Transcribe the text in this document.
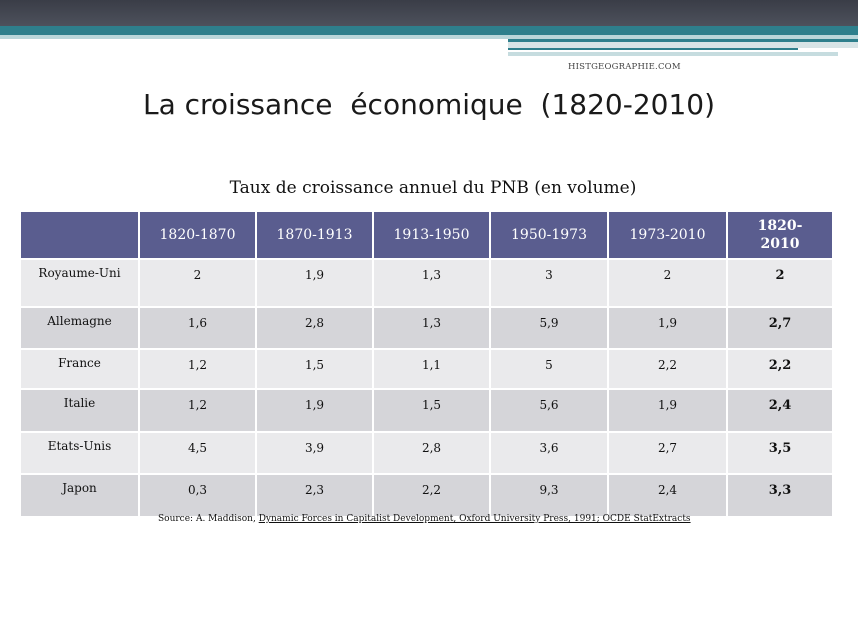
HISTGEOGRAPHIE.COM
La croissance  économique  (1820-2010)
Taux de croissance annuel du PNB (en volume)
	1820-1870	1870-1913	1913-1950	1950-1973	1973-2010	1820-
2010
Royaume-Uni	2	1,9	1,3	3	2	2
Allemagne	1,6	2,8	1,3	5,9	1,9	2,7
France	1,2	1,5	1,1	5	2,2	2,2
Italie	1,2	1,9	1,5	5,6	1,9	2,4
Etats-Unis	4,5	3,9	2,8	3,6	2,7	3,5
Japon	0,3	2,3	2,2	9,3	2,4	3,3
Source: A. Maddison, Dynamic Forces in Capitalist Development, Oxford University Press, 1991; OCDE StatExtracts
